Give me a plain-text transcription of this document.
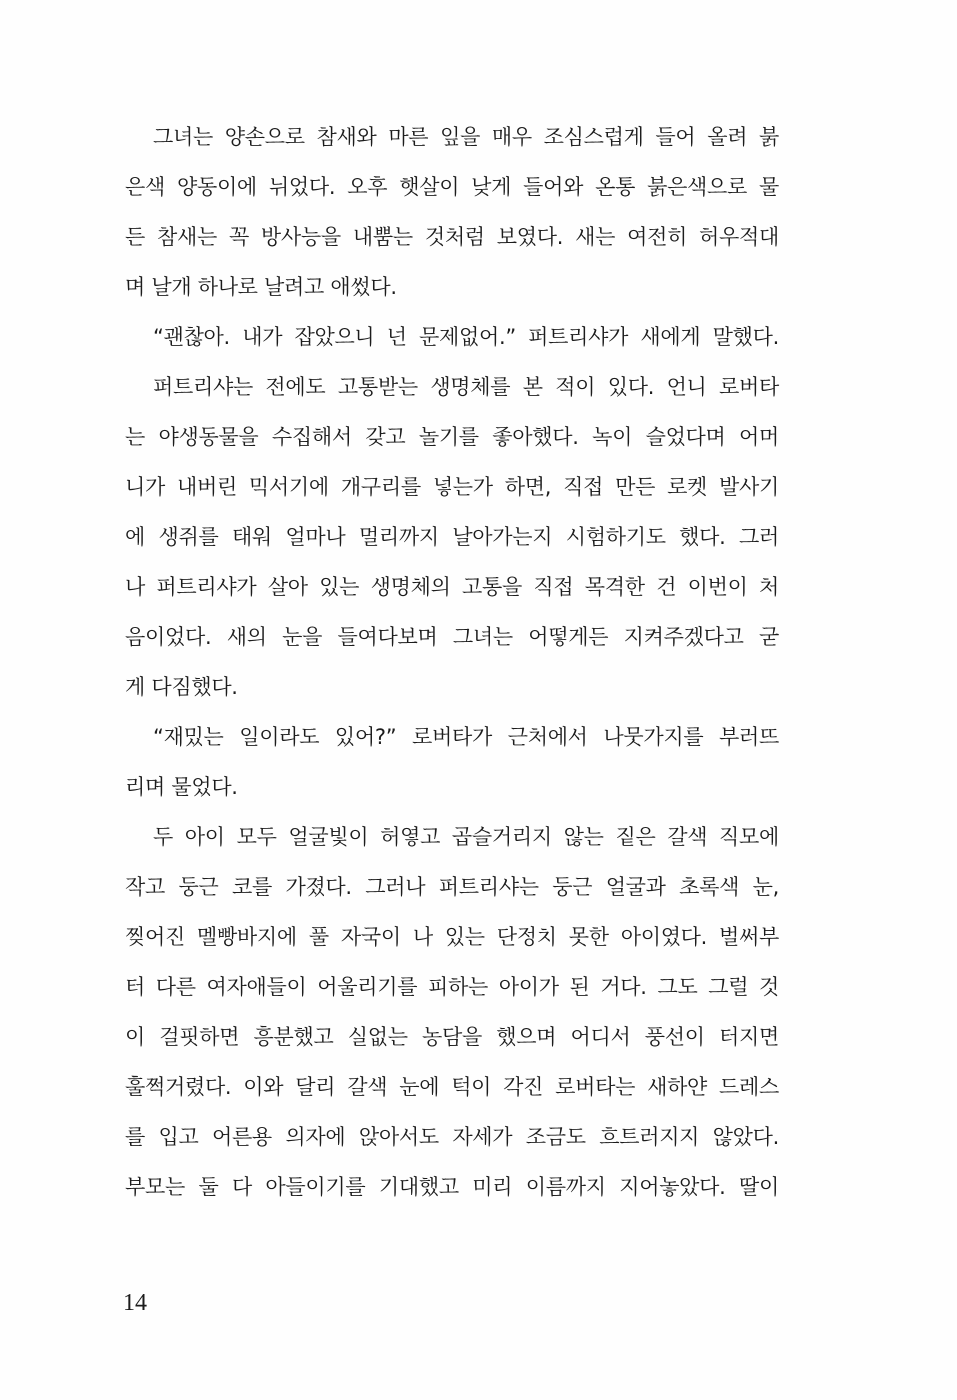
그녀는 양손으로 참새와 마른 잎을 매우 조심스럽게 들어 올려 붉
은색 양동이에 뉘었다. 오후 햇살이 낮게 들어와 온통 붉은색으로 물
든 참새는 꼭 방사능을 내뿜는 것처럼 보였다. 새는 여전히 허우적대
며 날개 하나로 날려고 애썼다.
“괜찮아. 내가 잡았으니 넌 문제없어.” 퍼트리샤가 새에게 말했다.
퍼트리샤는 전에도 고통받는 생명체를 본 적이 있다. 언니 로버타
는 야생동물을 수집해서 갖고 놀기를 좋아했다. 녹이 슬었다며 어머
니가 내버린 믹서기에 개구리를 넣는가 하면, 직접 만든 로켓 발사기
에 생쥐를 태워 얼마나 멀리까지 날아가는지 시험하기도 했다. 그러
나 퍼트리샤가 살아 있는 생명체의 고통을 직접 목격한 건 이번이 처
음이었다. 새의 눈을 들여다보며 그녀는 어떻게든 지켜주겠다고 굳
게 다짐했다.
“재밌는 일이라도 있어?” 로버타가 근처에서 나뭇가지를 부러뜨
리며 물었다.
두 아이 모두 얼굴빛이 허옇고 곱슬거리지 않는 짙은 갈색 직모에
작고 둥근 코를 가졌다. 그러나 퍼트리샤는 둥근 얼굴과 초록색 눈,
찢어진 멜빵바지에 풀 자국이 나 있는 단정치 못한 아이였다. 벌써부
터 다른 여자애들이 어울리기를 피하는 아이가 된 거다. 그도 그럴 것
이 걸핏하면 흥분했고 실없는 농담을 했으며 어디서 풍선이 터지면
훌쩍거렸다. 이와 달리 갈색 눈에 턱이 각진 로버타는 새하얀 드레스
를 입고 어른용 의자에 앉아서도 자세가 조금도 흐트러지지 않았다.
부모는 둘 다 아들이기를 기대했고 미리 이름까지 지어놓았다. 딸이
14
